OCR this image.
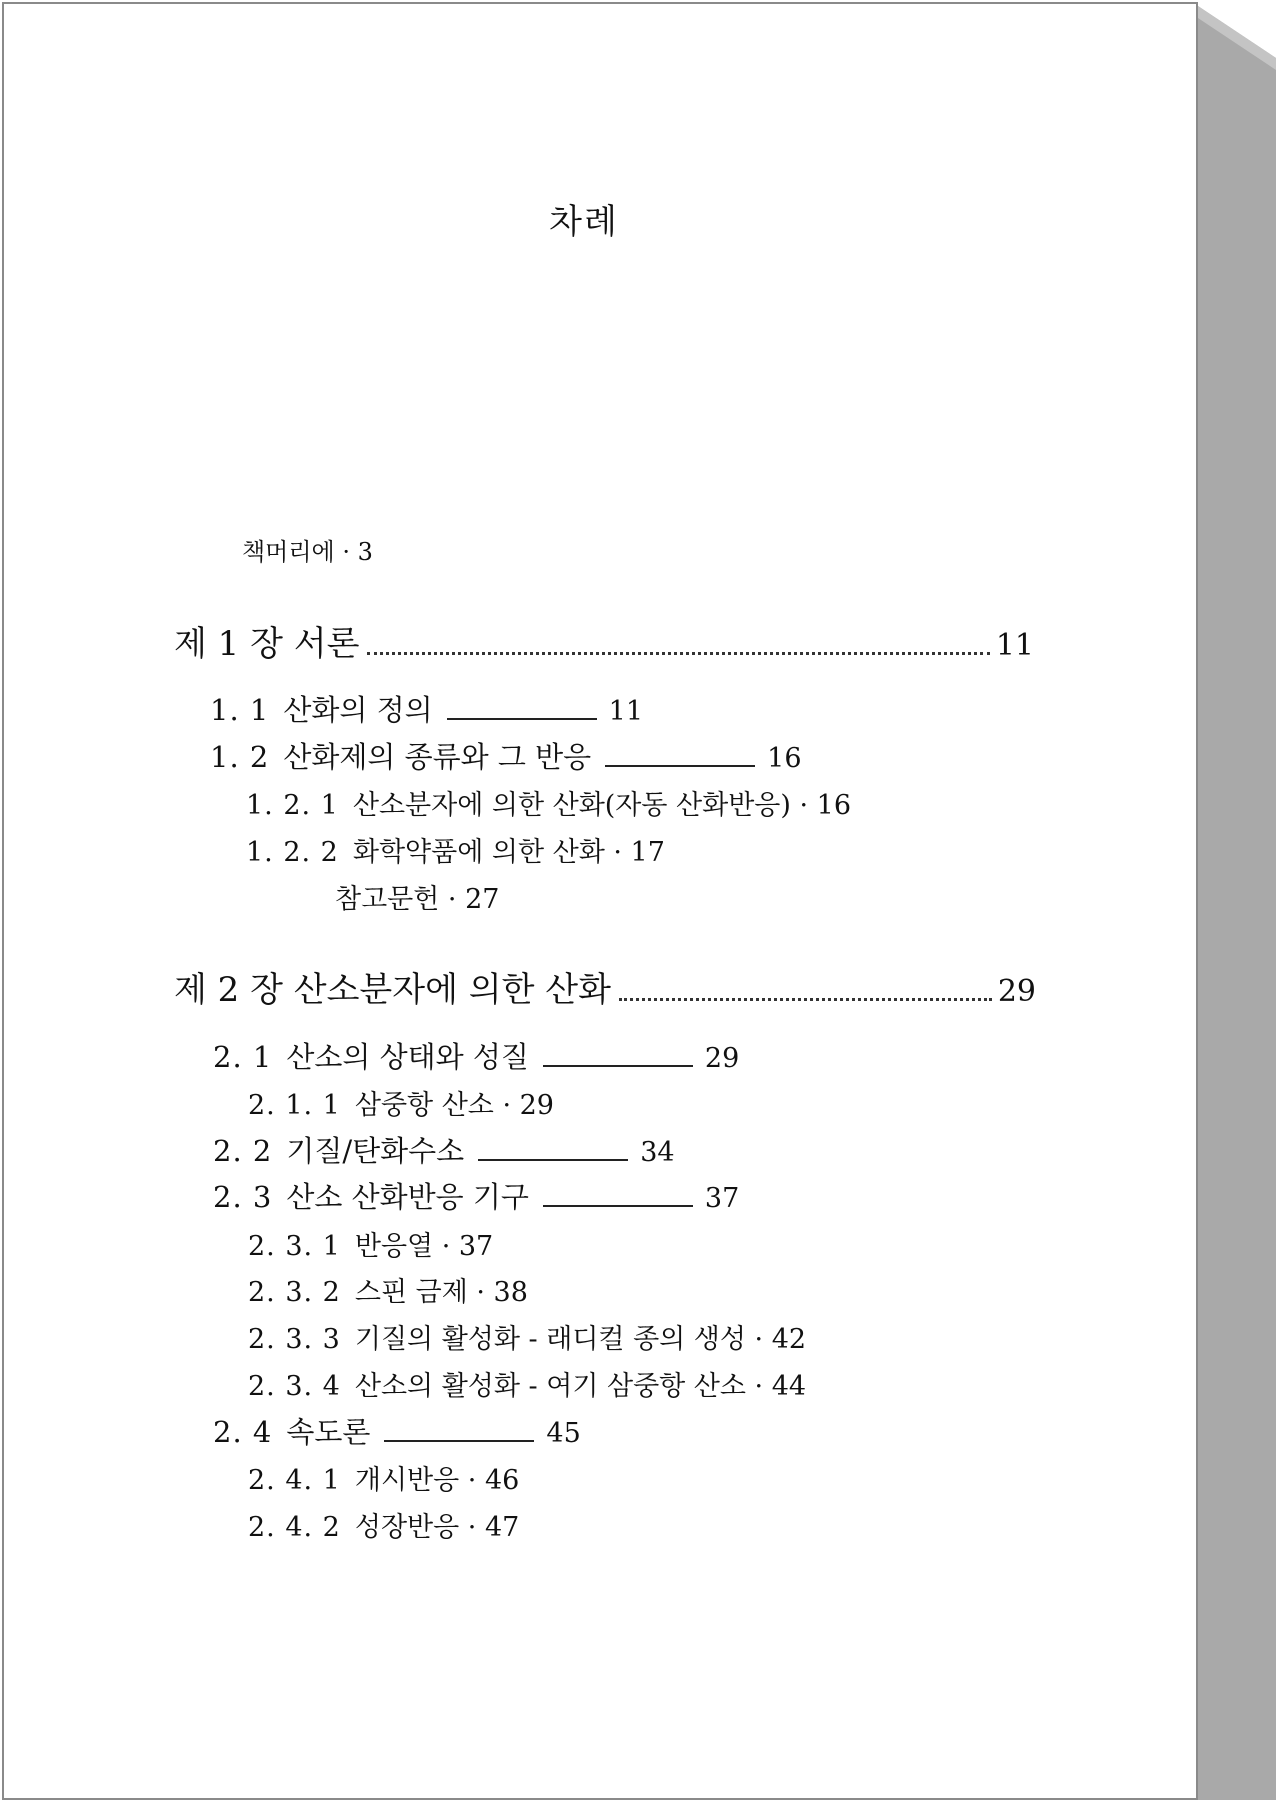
차례
책머리에 · 3
제 1 장 서론	11
1. 1 산화의 정의	11
1. 2 산화제의 종류와 그 반응	16
1. 2. 1 산소분자에 의한 산화(자동 산화반응) · 16
1. 2. 2 화학약품에 의한 산화 · 17
참고문헌 · 27
제 2 장 산소분자에 의한 산화	29
2. 1 산소의 상태와 성질	29
2. 1. 1 삼중항 산소 · 29
2. 2 기질/탄화수소	34
2. 3 산소 산화반응 기구	37
2. 3. 1 반응열 · 37
2. 3. 2 스핀 금제 · 38
2. 3. 3 기질의 활성화 - 래디컬 종의 생성 · 42
2. 3. 4 산소의 활성화 - 여기 삼중항 산소 · 44
2. 4 속도론	45
2. 4. 1 개시반응 · 46
2. 4. 2 성장반응 · 47
